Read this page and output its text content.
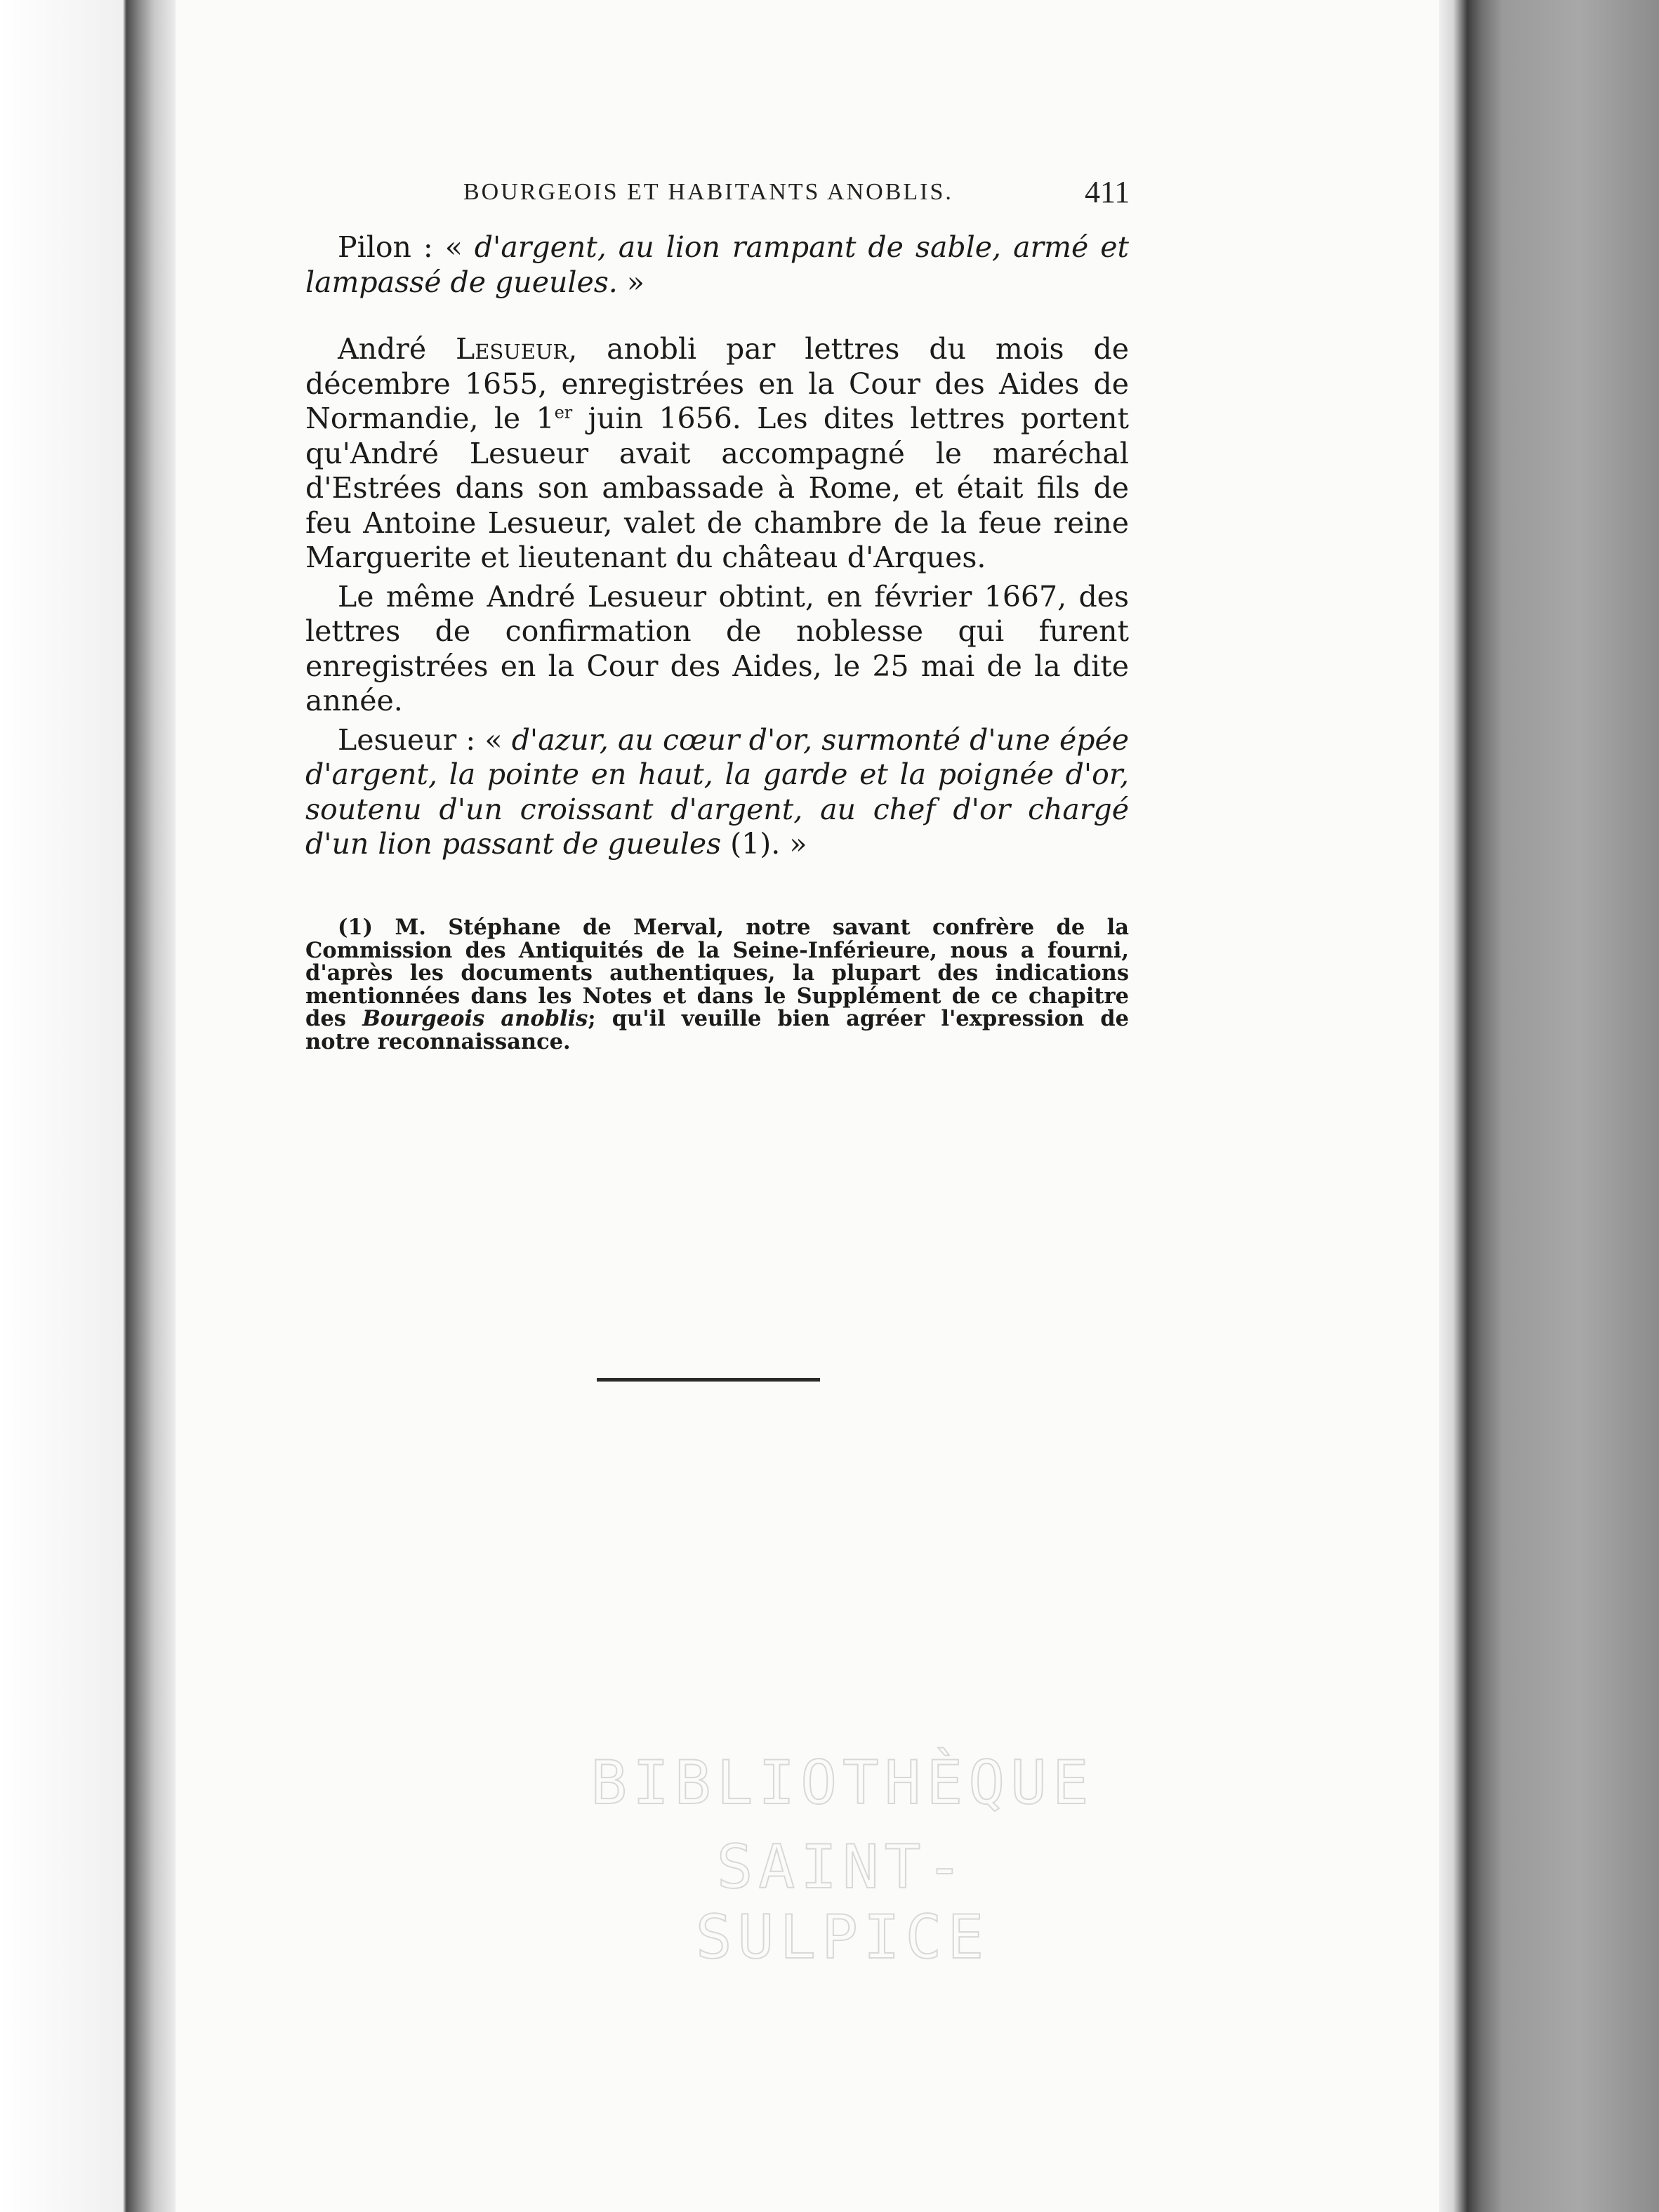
BOURGEOIS ET HABITANTS ANOBLIS.	411

Pilon : « d'argent, au lion rampant de sable, armé et lampassé de gueules. »

André Lesueur, anobli par lettres du mois de décembre 1655, enregistrées en la Cour des Aides de Normandie, le 1er juin 1656. Les dites lettres portent qu'André Lesueur avait accompagné le maréchal d'Estrées dans son ambassade à Rome, et était fils de feu Antoine Lesueur, valet de chambre de la feue reine Marguerite et lieutenant du château d'Arques.

Le même André Lesueur obtint, en février 1667, des lettres de confirmation de noblesse qui furent enregistrées en la Cour des Aides, le 25 mai de la dite année.

Lesueur : « d'azur, au cœur d'or, surmonté d'une épée d'argent, la pointe en haut, la garde et la poignée d'or, soutenu d'un croissant d'argent, au chef d'or chargé d'un lion passant de gueules (1). »

(1) M. Stéphane de Merval, notre savant confrère de la Commission des Antiquités de la Seine-Inférieure, nous a fourni, d'après les documents authentiques, la plupart des indications mentionnées dans les Notes et dans le Supplément de ce chapitre des Bourgeois anoblis; qu'il veuille bien agréer l'expression de notre reconnaissance.

BIBLIOTHÈQUE
SAINT-SULPICE
